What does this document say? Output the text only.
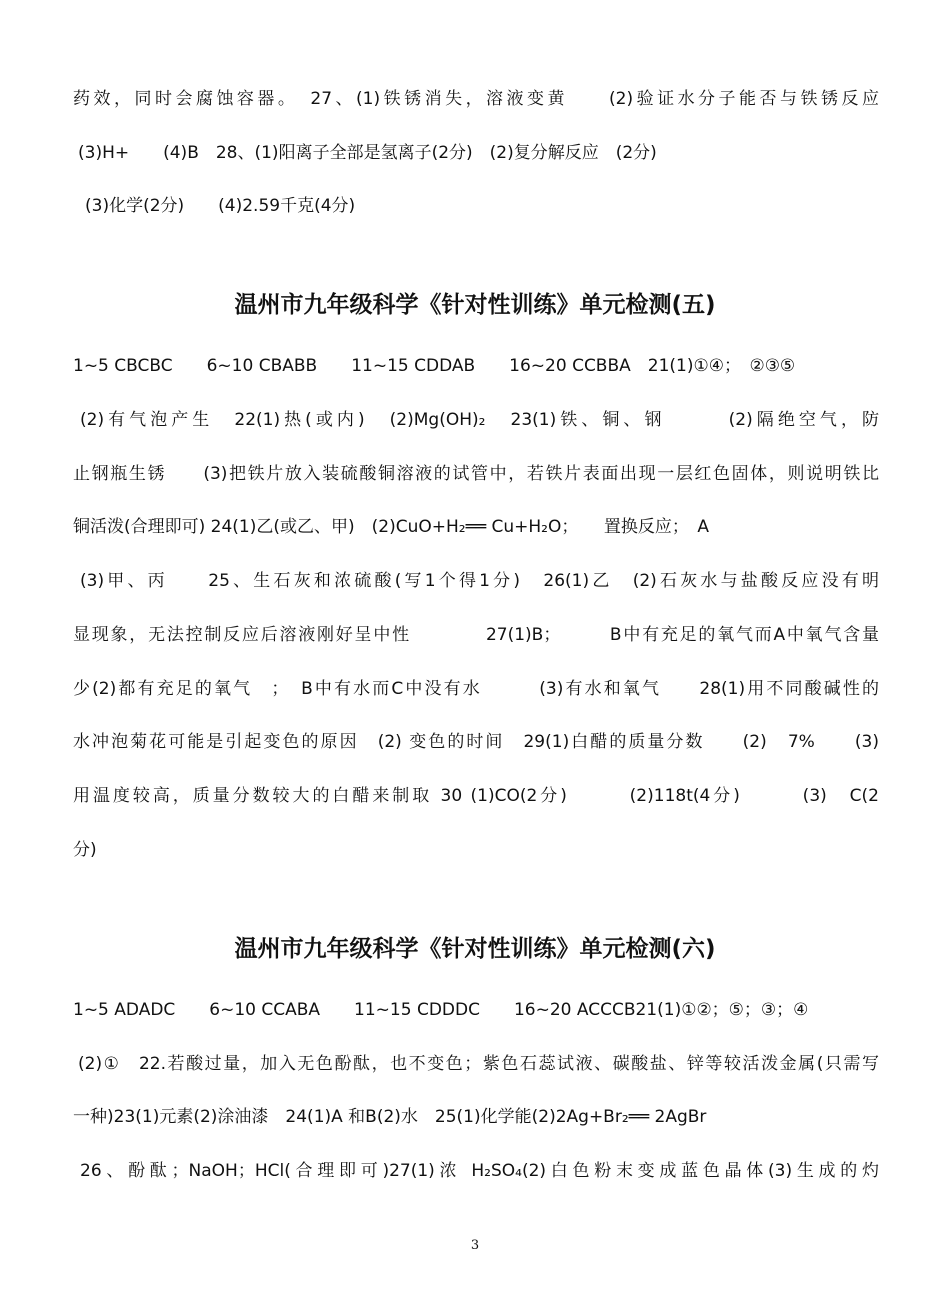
药效，同时会腐蚀容器。　27、(1)铁锈消失，溶液变黄　　(2)验证水分子能否与铁锈反应
(3)H+　　(4)B　28、(1)阳离子全部是氢离子(2分)　(2)复分解反应　(2分)
(3)化学(2分)　　(4)2.59千克(4分)
温州市九年级科学《针对性训练》单元检测(五)
1~5 CBCBC　　6~10 CBABB　　11~15 CDDAB　　16~20 CCBBA　21(1)①④；　②③⑤
(2)有气泡产生　22(1)热(或内)　(2)Mg(OH)₂　23(1)铁、铜、钢　　　(2)隔绝空气，防
止钢瓶生锈　　(3)把铁片放入装硫酸铜溶液的试管中，若铁片表面出现一层红色固体，则说明铁比
铜活泼(合理即可) 24(1)乙(或乙、甲)　(2)CuO+H₂══ Cu+H₂O；　　置换反应；　A
(3)甲、丙　　25、生石灰和浓硫酸(写1个得1分)　26(1)乙　(2)石灰水与盐酸反应没有明
显现象，无法控制反应后溶液刚好呈中性　　　　27(1)B；　　　B中有充足的氧气而A中氧气含量
少(2)都有充足的氧气　；　B中有水而C中没有水　　　(3)有水和氧气　　28(1)用不同酸碱性的
水冲泡菊花可能是引起变色的原因　(2) 变色的时间　29(1)白醋的质量分数　　(2)　7%　　(3)
用温度较高，质量分数较大的白醋来制取 30 (1)CO(2分)　　　(2)118t(4分)　　　(3)　C(2
分)
温州市九年级科学《针对性训练》单元检测(六)
1~5 ADADC　　6~10 CCABA　　11~15 CDDDC　　16~20 ACCCB21(1)①②；⑤；③；④
(2)①　22.若酸过量，加入无色酚酞，也不变色；紫色石蕊试液、碳酸盐、锌等较活泼金属(只需写
一种)23(1)元素(2)涂油漆　24(1)A 和B(2)水　25(1)化学能(2)2Ag+Br₂══ 2AgBr
26、酚酞；NaOH；HCl(合理即可)27(1)浓 H₂SO₄(2)白色粉末变成蓝色晶体(3)生成的灼
3
